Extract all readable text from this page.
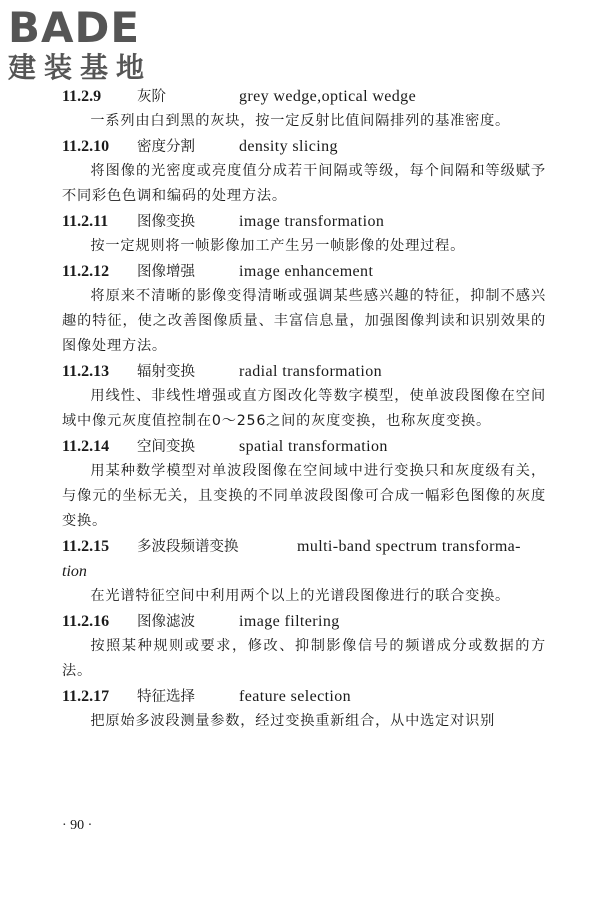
BADE
建装基地
11.2.9 灰阶	grey wedge,optical wedge

一系列由白到黑的灰块，按一定反射比值间隔排列的基准密度。

11.2.10 密度分割	density slicing

将图像的光密度或亮度值分成若干间隔或等级，每个间隔和等级赋予不同彩色色调和编码的处理方法。

11.2.11 图像变换	image transformation

按一定规则将一帧影像加工产生另一帧影像的处理过程。

11.2.12 图像增强	image enhancement

将原来不清晰的影像变得清晰或强调某些感兴趣的特征，抑制不感兴趣的特征，使之改善图像质量、丰富信息量，加强图像判读和识别效果的图像处理方法。

11.2.13 辐射变换	radial transformation

用线性、非线性增强或直方图改化等数字模型，使单波段图像在空间域中像元灰度值控制在0～256之间的灰度变换，也称灰度变换。

11.2.14 空间变换	spatial transformation

用某种数学模型对单波段图像在空间域中进行变换只和灰度级有关，与像元的坐标无关，且变换的不同单波段图像可合成一幅彩色图像的灰度变换。

11.2.15 多波段频谱变换	multi-band spectrum transforma-
tion

在光谱特征空间中利用两个以上的光谱段图像进行的联合变换。

11.2.16 图像滤波	image filtering

按照某种规则或要求，修改、抑制影像信号的频谱成分或数据的方法。

11.2.17 特征选择	feature selection

把原始多波段测量参数，经过变换重新组合，从中选定对识别

· 90 ·
